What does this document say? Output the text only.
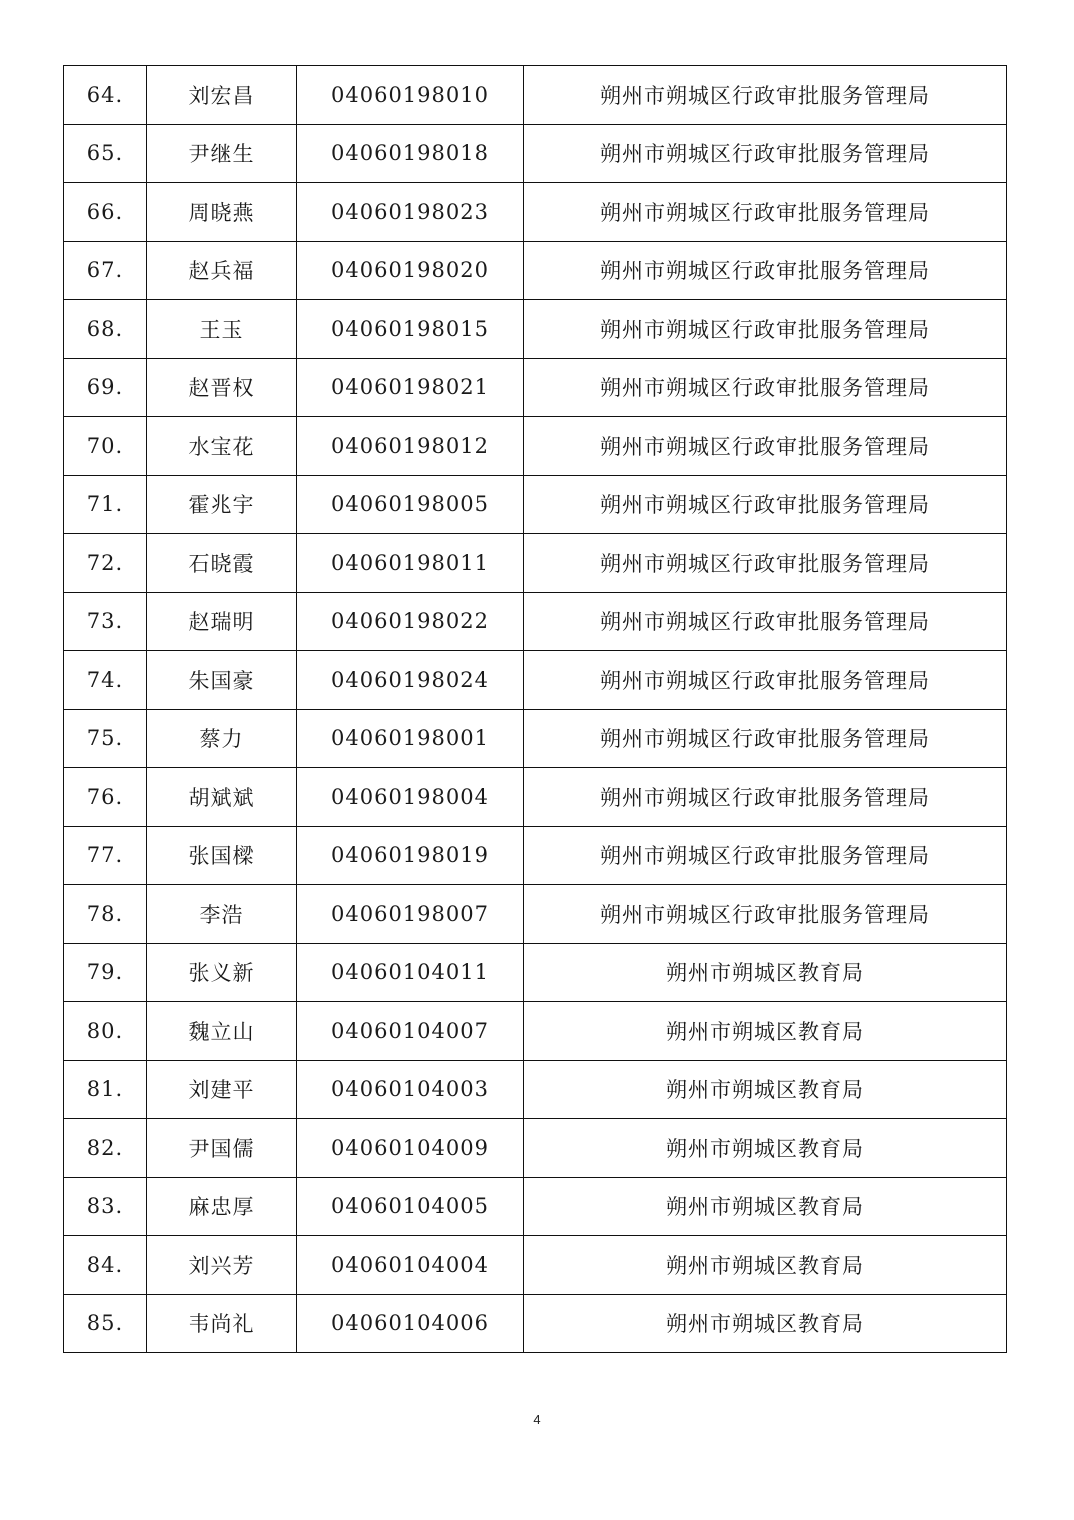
64.	刘宏昌	04060198010	朔州市朔城区行政审批服务管理局
65.	尹继生	04060198018	朔州市朔城区行政审批服务管理局
66.	周晓燕	04060198023	朔州市朔城区行政审批服务管理局
67.	赵兵福	04060198020	朔州市朔城区行政审批服务管理局
68.	王玉	04060198015	朔州市朔城区行政审批服务管理局
69.	赵晋权	04060198021	朔州市朔城区行政审批服务管理局
70.	水宝花	04060198012	朔州市朔城区行政审批服务管理局
71.	霍兆宇	04060198005	朔州市朔城区行政审批服务管理局
72.	石晓霞	04060198011	朔州市朔城区行政审批服务管理局
73.	赵瑞明	04060198022	朔州市朔城区行政审批服务管理局
74.	朱国豪	04060198024	朔州市朔城区行政审批服务管理局
75.	蔡力	04060198001	朔州市朔城区行政审批服务管理局
76.	胡斌斌	04060198004	朔州市朔城区行政审批服务管理局
77.	张国樑	04060198019	朔州市朔城区行政审批服务管理局
78.	李浩	04060198007	朔州市朔城区行政审批服务管理局
79.	张义新	04060104011	朔州市朔城区教育局
80.	魏立山	04060104007	朔州市朔城区教育局
81.	刘建平	04060104003	朔州市朔城区教育局
82.	尹国儒	04060104009	朔州市朔城区教育局
83.	麻忠厚	04060104005	朔州市朔城区教育局
84.	刘兴芳	04060104004	朔州市朔城区教育局
85.	韦尚礼	04060104006	朔州市朔城区教育局
4
